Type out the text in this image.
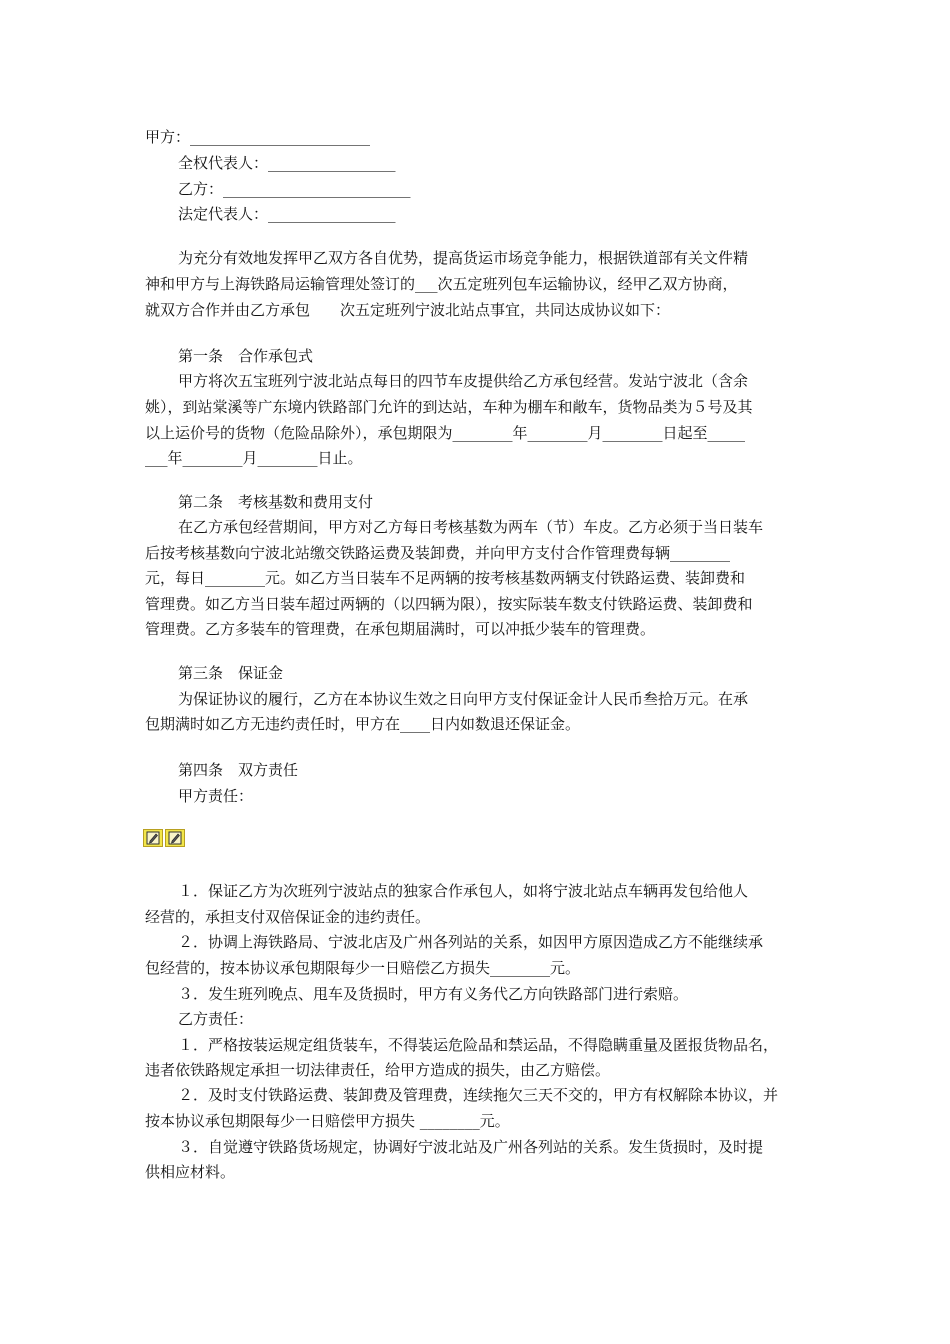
甲方：________________________

全权代表人：_________________

乙方：_________________________

法定代表人：_________________

为充分有效地发挥甲乙双方各自优势，提高货运市场竞争能力，根据铁道部有关文件精

神和甲方与上海铁路局运输管理处签订的___次五定班列包车运输协议，经甲乙双方协商，

就双方合作并由乙方承包　　次五定班列宁波北站点事宜，共同达成协议如下：

第一条　合作承包式

甲方将次五宝班列宁波北站点每日的四节车皮提供给乙方承包经营。发站宁波北（含余

姚），到站棠溪等广东境内铁路部门允许的到达站，车种为棚车和敞车，货物品类为５号及其

以上运价号的货物（危险品除外），承包期限为________年________月________日起至_____

___年________月________日止。

第二条　考核基数和费用支付

在乙方承包经营期间，甲方对乙方每日考核基数为两车（节）车皮。乙方必须于当日装车

后按考核基数向宁波北站缴交铁路运费及装卸费，并向甲方支付合作管理费每辆________

元，每日________元。如乙方当日装车不足两辆的按考核基数两辆支付铁路运费、装卸费和

管理费。如乙方当日装车超过两辆的（以四辆为限），按实际装车数支付铁路运费、装卸费和

管理费。乙方多装车的管理费，在承包期届满时，可以冲抵少装车的管理费。

第三条　保证金

为保证协议的履行，乙方在本协议生效之日向甲方支付保证金计人民币叁拾万元。在承

包期满时如乙方无违约责任时，甲方在____日内如数退还保证金。

第四条　双方责任

甲方责任：

１．保证乙方为次班列宁波站点的独家合作承包人，如将宁波北站点车辆再发包给他人

经营的，承担支付双倍保证金的违约责任。

２．协调上海铁路局、宁波北店及广州各列站的关系，如因甲方原因造成乙方不能继续承

包经营的，按本协议承包期限每少一日赔偿乙方损失________元。

３．发生班列晚点、甩车及货损时，甲方有义务代乙方向铁路部门进行索赔。

乙方责任：

１．严格按装运规定组货装车，不得装运危险品和禁运品，不得隐瞒重量及匿报货物品名，

违者依铁路规定承担一切法律责任，给甲方造成的损失，由乙方赔偿。

２．及时支付铁路运费、装卸费及管理费，连续拖欠三天不交的，甲方有权解除本协议，并

按本协议承包期限每少一日赔偿甲方损失 ________元。

３．自觉遵守铁路货场规定，协调好宁波北站及广州各列站的关系。发生货损时，及时提

供相应材料。
